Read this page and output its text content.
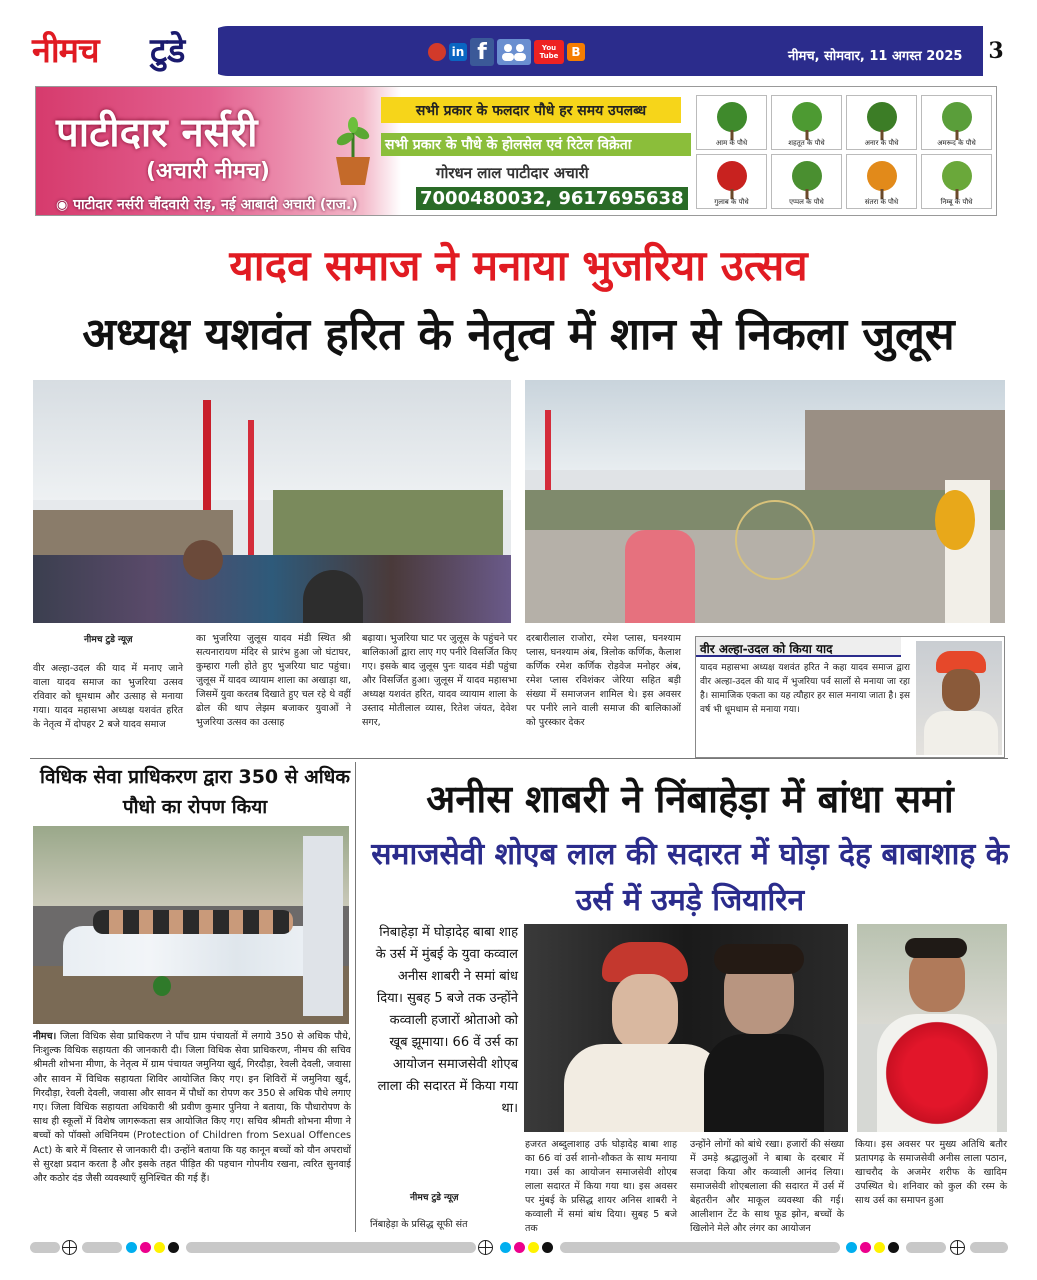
नीमच टुडे	in f	You Tube	B	नीमच, सोमवार, 11 अगस्त 2025 3
पाटीदार नर्सरी
(अचारी नीमच)
◉ पाटीदार नर्सरी चौंदवारी रोड़, नई आबादी अचारी (राज.)
सभी प्रकार के फलदार पौधे हर समय उपलब्ध
सभी प्रकार के पौधे के होलसेल एवं रिटेल विक्रेता
गोरधन लाल पाटीदार अचारी
7000480032, 9617695638
आम के पौधे	शहतूत के पौधे	अनार के पौधे	अमरूद के पौधे
गुलाब के पौधे	एप्पल के पौधे	संतरा के पौधे	निम्बू के पौधे
यादव समाज ने मनाया भुजरिया उत्सव
अध्यक्ष यशवंत हरित के नेतृत्व में शान से निकला जुलूस
नीमच टुडे न्यूज़
वीर अल्हा-उदल की याद में मनाए जाने वाला यादव समाज का भुजरिया उत्सव रविवार को धूमधाम और उत्साह से मनाया गया। यादव महासभा अध्यक्ष यशवंत हरित के नेतृत्व में दोपहर 2 बजे यादव समाज
का भुजरिया जुलूस यादव मंडी स्थित श्री सत्यनारायण मंदिर से प्रारंभ हुआ जो घंटाघर, कुम्हारा गली होते हुए भुजरिया घाट पहुंचा। जुलूस में यादव व्यायाम शाला का अखाड़ा था, जिसमें युवा करतब दिखाते हुए चल रहे थे वहीं ढोल की थाप लेझम बजाकर युवाओं ने भुजरिया उत्सव का उत्साह
बढ़ाया। भुजरिया घाट पर जुलूस के पहुंचने पर बालिकाओं द्वारा लाए गए पनीरे विसर्जित किए गए। इसके बाद जुलूस पुनः यादव मंडी पहुंचा और विसर्जित हुआ। जुलूस में यादव महासभा अध्यक्ष यशवंत हरित, यादव व्यायाम शाला के उस्ताद मोतीलाल व्यास, रितेश जंयत, देवेश सगर,
दरबारीलाल राजोरा, रमेश प्लास, घनश्याम प्लास, घनश्याम अंब, त्रिलोक कर्णिक, कैलाश कर्णिक रमेश कर्णिक रोड़वेज मनोहर अंब, रमेश प्लास रविशंकर जेरिया सहित बड़ी संख्या में समाजजन शामिल थे। इस अवसर पर पनीरे लाने वाली समाज की बालिकाओं को पुरस्कार देकर
वीर अल्हा-उदल को किया याद
यादव महासभा अध्यक्ष यशवंत हरित ने कहा यादव समाज द्वारा वीर अल्हा-उदल की याद में भुजरिया पर्व सालों से मनाया जा रहा है। सामाजिक एकता का यह त्यौहार हर साल मनाया जाता है। इस वर्ष भी धूमधाम से मनाया गया।
विधिक सेवा प्राधिकरण द्वारा 350 से अधिक पौधो का रोपण किया
नीमच। जिला विधिक सेवा प्राधिकरण ने पाँच ग्राम पंचायतों में लगाये 350 से अधिक पौधे, निःशुल्क विधिक सहायता की जानकारी दी। जिला विधिक सेवा प्राधिकरण, नीमच की सचिव श्रीमती शोभना मीणा, के नेतृत्व में ग्राम पंचायत जमुनिया खुर्द, गिरदौड़ा, रेवली देवली, जवासा और सावन में विधिक सहायता शिविर आयोजित किए गए। इन शिविरों में जमुनिया खुर्द, गिरदौड़ा, रेवली देवली, जवासा और सावन में पौधों का रोपण कर 350 से अधिक पौधे लगाए गए। जिला विधिक सहायता अधिकारी श्री प्रवीण कुमार पुनिया ने बताया, कि पौधारोपण के साथ ही स्कूलों में विशेष जागरूकता सत्र आयोजित किए गए। सचिव श्रीमती शोभना मीणा ने बच्चों को पॉक्सो अधिनियम (Protection of Children from Sexual Offences Act) के बारे में विस्तार से जानकारी दी। उन्होंने बताया कि यह कानून बच्चों को यौन अपराधों से सुरक्षा प्रदान करता है और इसके तहत पीड़ित की पहचान गोपनीय रखना, त्वरित सुनवाई और कठोर दंड जैसी व्यवस्थाएँ सुनिश्चित की गई हैं।
अनीस शाबरी ने निंबाहेड़ा में बांधा समां
समाजसेवी शोएब लाल की सदारत में घोड़ा देह बाबाशाह के उर्स में उमड़े जियारिन
निबाहेड़ा में घोड़ादेह बाबा शाह के उर्स में मुंबई के युवा कव्वाल अनीस शाबरी ने समां बांध दिया। सुबह 5 बजे तक उन्होंने कव्वाली हजारों श्रोताओ को खूब झूमाया। 66 वें उर्स का आयोजन समाजसेवी शोएब लाला की सदारत में किया गया था।
नीमच टुडे न्यूज़
निंबाहेड़ा के प्रसिद्ध सूफी संत
हजरत अब्दुलाशाह उर्फ घोड़ादेह बाबा शाह का 66 वां उर्स शानो-शौकत के साथ मनाया गया। उर्स का आयोजन समाजसेवी शोएब लाला सदारत में किया गया था। इस अवसर पर मुंबई के प्रसिद्ध शायर अनिस शाबरी ने कव्वाली में समां बांध दिया। सुबह 5 बजे तक
उन्होंने लोगों को बांधे रखा। हजारों की संख्या में उमड़े श्रद्धालुओं ने बाबा के दरबार में सजदा किया और कव्वाली आनंद लिया। समाजसेवी शोएबलाला की सदारत में उर्स में बेहतरीन और माकूल व्यवस्था की गई। आलीशान टेंट के साथ फूड झोन, बच्चों के खिलोने मेले और लंगर का आयोजन
किया। इस अवसर पर मुख्य अतिथि बतौर प्रतापगढ़ के समाजसेवी अनीस लाला पठान, खाचरौद के अजमेर शरीफ के खादिम उपस्थित थे। शनिवार को कुल की रस्म के साथ उर्स का समापन हुआ
